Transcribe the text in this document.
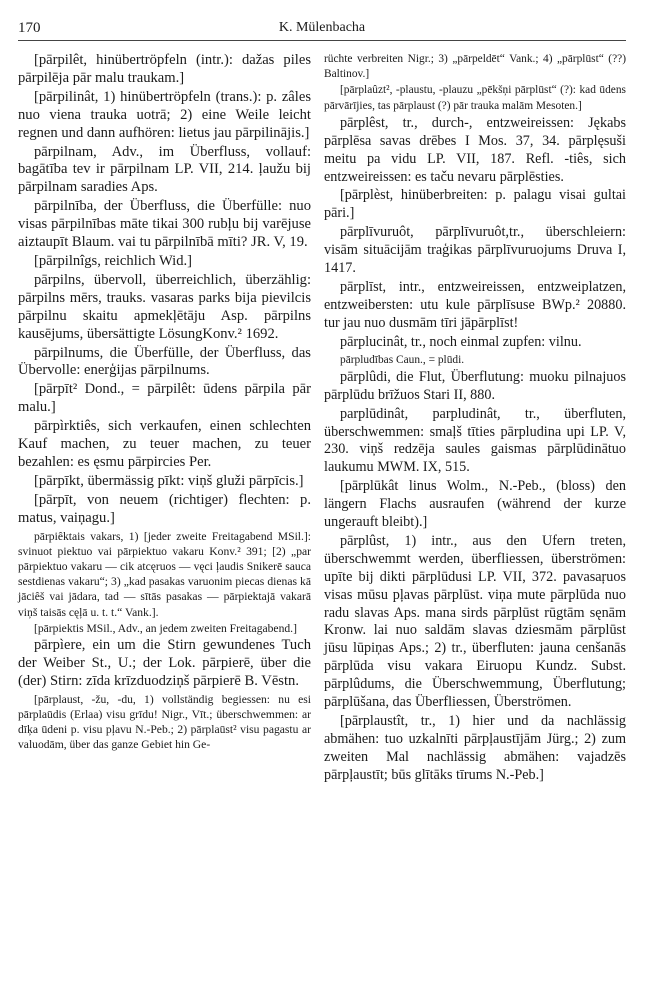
170	K. Mülenbacha

[pārpilêt, hinübertröpfeln (intr.): dažas piles pārpilēja pār malu traukam.]

[pārpilinât, 1) hinübertröpfeln (trans.): p. zâles nuo viena trauka uotrā; 2) eine Weile leicht regnen und dann aufhören: lietus jau pārpilinājis.]

pārpilnam, Adv., im Überfluss, vollauf: bagātība tev ir pārpilnam LP. VII, 214. ļaužu bij pārpilnam saradies Aps.

pārpilnība, der Überfluss, die Überfülle: nuo visas pārpilnības māte tikai 300 rubļu bij varējuse aiztaupīt Blaum. vai tu pārpilnībā mīti? JR. V, 19.

[pārpilnîgs, reichlich Wid.]

pārpilns, übervoll, überreichlich, überzählig: pārpilns mērs, trauks. vasaras parks bija pievilcis pārpilnu skaitu apmekļētāju Asp. pārpilns kausējums, übersättigte LösungKonv.² 1692.

pārpilnums, die Überfülle, der Überfluss, das Übervolle: enerģijas pārpilnums.

[pārpīt² Dond., = pārpilêt: ūdens pārpila pār malu.]

pārpìrktiês, sich verkaufen, einen schlechten Kauf machen, zu teuer machen, zu teuer bezahlen: es ęsmu pārpircies Per.

[pārpīkt, übermässig pīkt: viņš gluži pārpīcis.]

[pārpīt, von neuem (richtiger) flechten: p. matus, vaiņagu.]

pārpiêktais vakars, 1) [jeder zweite Freitagabend MSil.]: svinuot piektuo vai pārpiektuo vakaru Konv.² 391; [2) „par pārpiektuo vakaru — cik atcęruos — vęci ļaudis Snikerē sauca sestdienas vakaru“; 3) „kad pasakas varuonim piecas dienas kā jāciêš vai jādara, tad — sītās pasakas — pārpiektajā vakarā viņš taisās cęļā u. t. t.“ Vank.].

[pārpiektis MSil., Adv., an jedem zweiten Freitagabend.]

pārpìere, ein um die Stirn gewundenes Tuch der Weiber St., U.; der Lok. pārpierē, über die (der) Stirn: zīda krīzduodziņš pārpierē B. Vēstn.

[pārplaust, -žu, -du, 1) vollständig begiessen: nu esi pārplaūdis (Erlaa) visu grīdu! Nigr., Vīt.; überschwemmen: ar dīķa ūdeni p. visu pļavu N.-Peb.; 2) pārplaūst² visu pagastu ar valuodām, über das ganze Gebiet hin Ge-

rüchte verbreiten Nigr.; 3) „pārpeldēt“ Vank.; 4) „pārplūst“ (??) Baltinov.]

[pārplaûzt², -plaustu, -plauzu „pēkšņi pārplūst“ (?): kad ūdens pārvārījies, tas pārplaust (?) pār trauka malām Mesoten.]

pārplêst, tr., durch-, entzweireissen: Jękabs pārplēsa savas drēbes I Mos. 37, 34. pārplęsuši meitu pa vidu LP. VII, 187. Refl. -tiês, sich entzweireissen: es taču nevaru pārplēsties.

[pārplèst, hinüberbreiten: p. palagu visai gultai pāri.]

pārplīvuruôt, pārplīvuruôt,tr., überschleiern: visām situācijām traģikas pārplīvuruojums Druva I, 1417.

pārplīst, intr., entzweireissen, entzweiplatzen, entzweibersten: utu kule pārplīsuse BWp.² 20880. tur jau nuo dusmām tīri jāpārplīst!

pārplucinât, tr., noch einmal zupfen: vilnu.

pārpludības Caun., = plūdi.

pārplûdi, die Flut, Überflutung: muoku pilnajuos pārplūdu brīžuos Stari II, 880.

parplūdinât, parpludinât, tr., überfluten, überschwemmen: smaļš tīties pārpludina upi LP. V, 230. viņš redzēja saules gaismas pārplūdinātuo laukumu MWM. IX, 515.

[pārplūkât linus Wolm., N.-Peb., (bloss) den längern Flachs ausraufen (während der kurze ungerauft bleibt).]

pārplûst, 1) intr., aus den Ufern treten, überschwemmt werden, überfliessen, überströmen: upīte bij dikti pārplūdusi LP. VII, 372. pavasaŗuos visas mūsu pļavas pārplūst. viņa mute pārplūda nuo radu slavas Aps. mana sirds pārplūst rūgtām sęnām Kronw. lai nuo saldām slavas dziesmām pārplūst jūsu lūpiņas Aps.; 2) tr., überfluten: jauna cenšanās pārplūda visu vakara Eiruopu Kundz. Subst. pārplûdums, die Überschwemmung, Überflutung; pārplūšana, das Überfliessen, Überströmen.

[pārplaustît, tr., 1) hier und da nachlässig abmähen: tuo uzkalnīti pārpļaustījām Jürg.; 2) zum zweiten Mal nachlässig abmähen: vajadzēs pārpļaustīt; būs glītāks tīrums N.-Peb.]
